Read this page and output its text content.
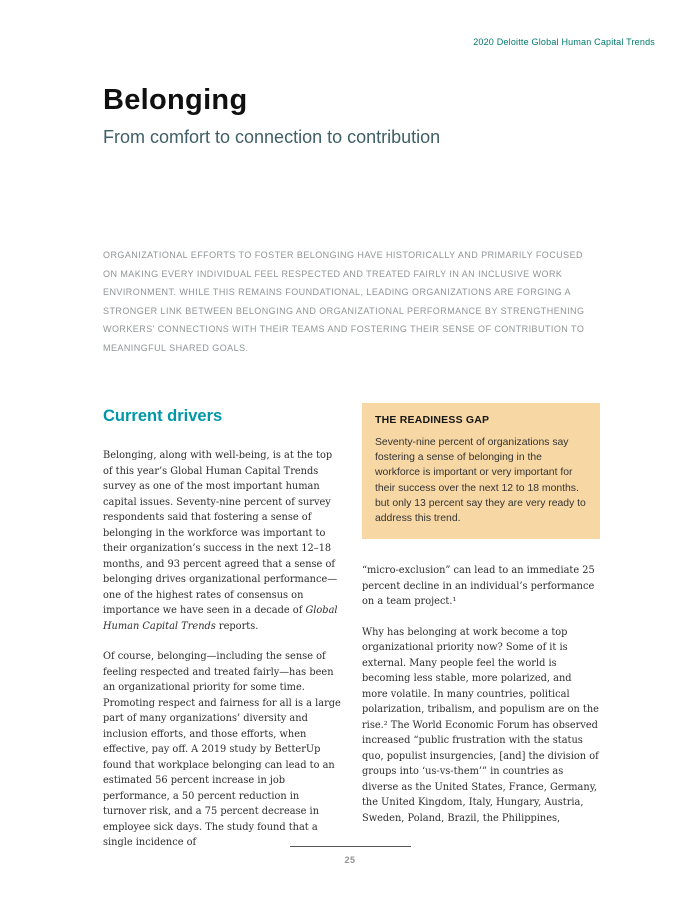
2020 Deloitte Global Human Capital Trends
Belonging
From comfort to connection to contribution

ORGANIZATIONAL EFFORTS TO FOSTER BELONGING HAVE HISTORICALLY AND PRIMARILY FOCUSED ON MAKING EVERY INDIVIDUAL FEEL RESPECTED AND TREATED FAIRLY IN AN INCLUSIVE WORK ENVIRONMENT. WHILE THIS REMAINS FOUNDATIONAL, LEADING ORGANIZATIONS ARE FORGING A STRONGER LINK BETWEEN BELONGING AND ORGANIZATIONAL PERFORMANCE BY STRENGTHENING WORKERS’ CONNECTIONS WITH THEIR TEAMS AND FOSTERING THEIR SENSE OF CONTRIBUTION TO MEANINGFUL SHARED GOALS.

Current drivers

Belonging, along with well-being, is at the top of this year’s Global Human Capital Trends survey as one of the most important human capital issues. Seventy-nine percent of survey respondents said that fostering a sense of belonging in the workforce was important to their organization’s success in the next 12–18 months, and 93 percent agreed that a sense of belonging drives organizational performance—one of the highest rates of consensus on importance we have seen in a decade of Global Human Capital Trends reports.

Of course, belonging—including the sense of feeling respected and treated fairly—has been an organizational priority for some time. Promoting respect and fairness for all is a large part of many organizations’ diversity and inclusion efforts, and those efforts, when effective, pay off. A 2019 study by BetterUp found that workplace belonging can lead to an estimated 56 percent increase in job performance, a 50 percent reduction in turnover risk, and a 75 percent decrease in employee sick days. The study found that a single incidence of

THE READINESS GAP

Seventy-nine percent of organizations say fostering a sense of belonging in the workforce is important or very important for their success over the next 12 to 18 months. but only 13 percent say they are very ready to address this trend.

“micro-exclusion” can lead to an immediate 25 percent decline in an individual’s performance on a team project.¹

Why has belonging at work become a top organizational priority now? Some of it is external. Many people feel the world is becoming less stable, more polarized, and more volatile. In many countries, political polarization, tribalism, and populism are on the rise.² The World Economic Forum has observed increased “public frustration with the status quo, populist insurgencies, [and] the division of groups into ‘us-vs-them’” in countries as diverse as the United States, France, Germany, the United Kingdom, Italy, Hungary, Austria, Sweden, Poland, Brazil, the Philippines,

25
